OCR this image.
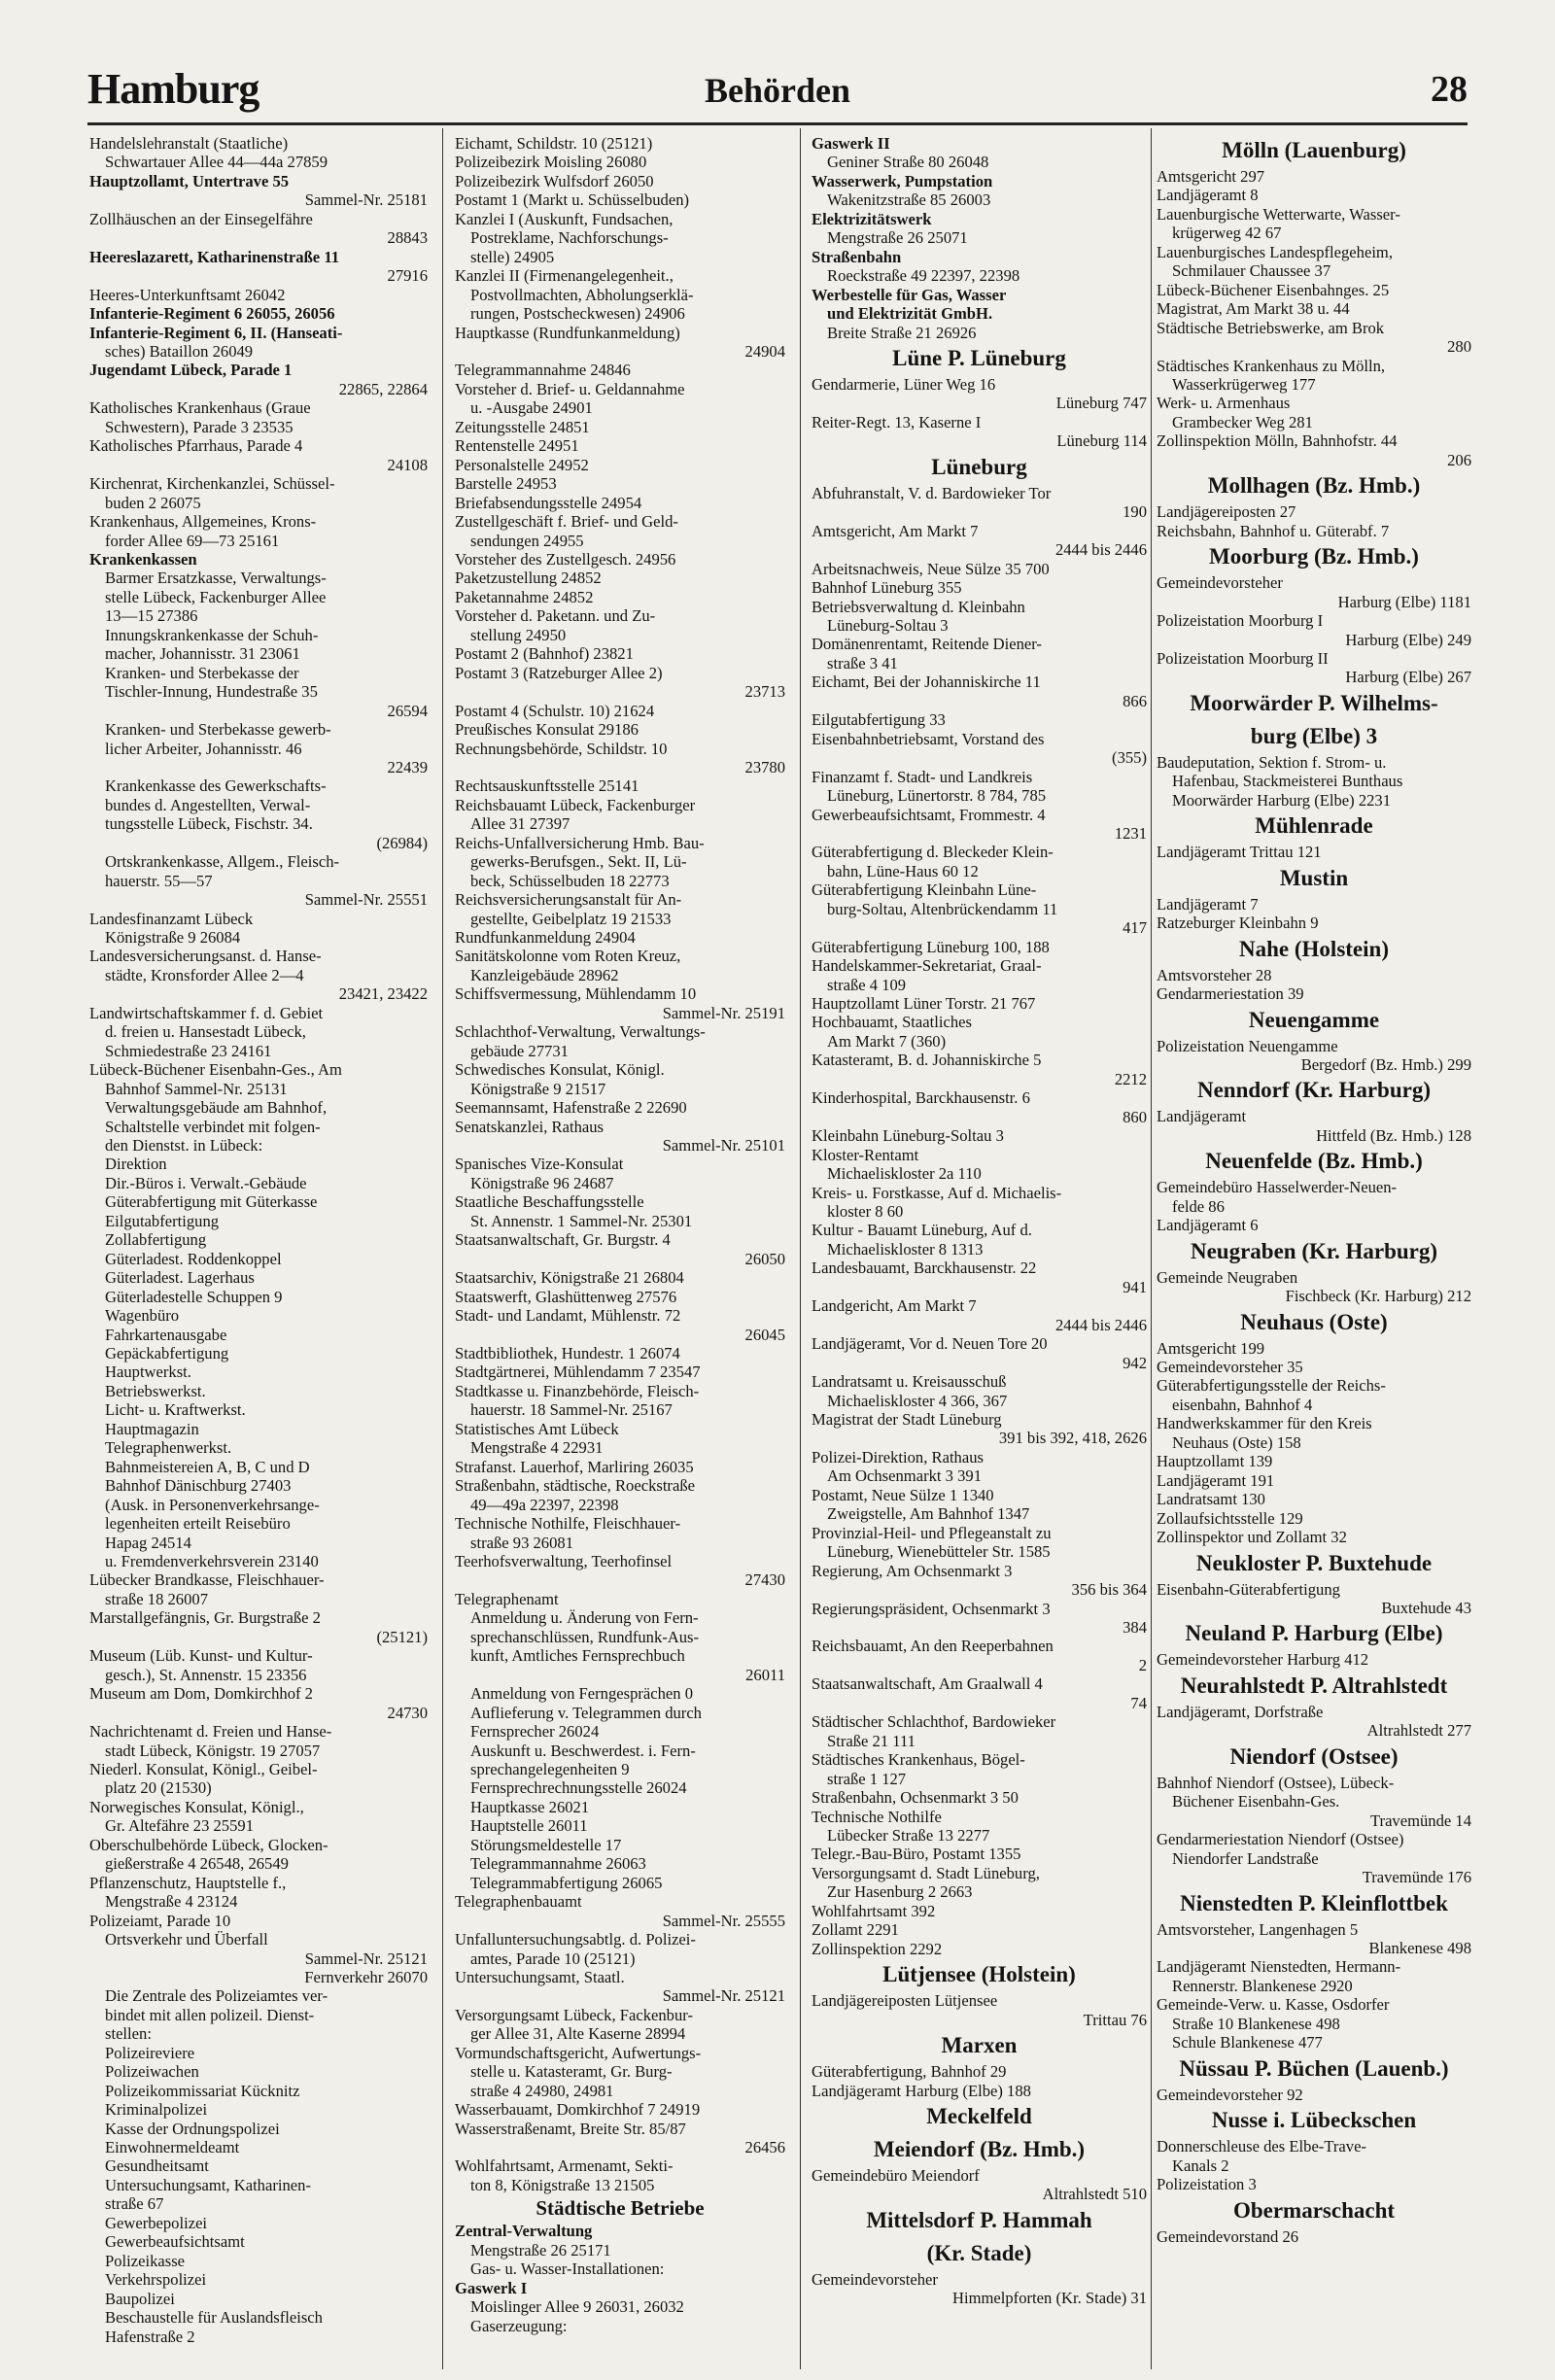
Hamburg	Behörden	28
Handelslehranstalt (Staatliche)
Schwartauer Allee 44—44a 27859
Hauptzollamt, Untertrave 55
Sammel-Nr. 25181
Zollhäuschen an der Einsegelfähre
28843
Heereslazarett, Katharinenstraße 11
27916
Heeres-Unterkunftsamt 26042
Infanterie-Regiment 6 26055, 26056
Infanterie-Regiment 6, II. (Hanseati-
sches) Bataillon 26049
Jugendamt Lübeck, Parade 1
22865, 22864
Katholisches Krankenhaus (Graue
Schwestern), Parade 3 23535
Katholisches Pfarrhaus, Parade 4
24108
Kirchenrat, Kirchenkanzlei, Schüssel-
buden 2 26075
Krankenhaus, Allgemeines, Krons-
forder Allee 69—73 25161
Krankenkassen
Barmer Ersatzkasse, Verwaltungs-
stelle Lübeck, Fackenburger Allee
13—15 27386
Innungskrankenkasse der Schuh-
macher, Johannisstr. 31 23061
Kranken- und Sterbekasse der
Tischler-Innung, Hundestraße 35
26594
Kranken- und Sterbekasse gewerb-
licher Arbeiter, Johannisstr. 46
22439
Krankenkasse des Gewerkschafts-
bundes d. Angestellten, Verwal-
tungsstelle Lübeck, Fischstr. 34.
(26984)
Ortskrankenkasse, Allgem., Fleisch-
hauerstr. 55—57
Sammel-Nr. 25551
Landesfinanzamt Lübeck
Königstraße 9 26084
Landesversicherungsanst. d. Hanse-
städte, Kronsforder Allee 2—4
23421, 23422
Landwirtschaftskammer f. d. Gebiet
d. freien u. Hansestadt Lübeck,
Schmiedestraße 23 24161
Lübeck-Büchener Eisenbahn-Ges., Am
Bahnhof Sammel-Nr. 25131
Verwaltungsgebäude am Bahnhof,
Schaltstelle verbindet mit folgen-
den Dienstst. in Lübeck:
Direktion
Dir.-Büros i. Verwalt.-Gebäude
Güterabfertigung mit Güterkasse
Eilgutabfertigung
Zollabfertigung
Güterladest. Roddenkoppel
Güterladest. Lagerhaus
Güterladestelle Schuppen 9
Wagenbüro
Fahrkartenausgabe
Gepäckabfertigung
Hauptwerkst.
Betriebswerkst.
Licht- u. Kraftwerkst.
Hauptmagazin
Telegraphenwerkst.
Bahnmeistereien A, B, C und D
Bahnhof Dänischburg 27403
(Ausk. in Personenverkehrsange-
legenheiten erteilt Reisebüro
Hapag 24514
u. Fremdenverkehrsverein 23140
Lübecker Brandkasse, Fleischhauer-
straße 18 26007
Marstallgefängnis, Gr. Burgstraße 2
(25121)
Museum (Lüb. Kunst- und Kultur-
gesch.), St. Annenstr. 15 23356
Museum am Dom, Domkirchhof 2
24730
Nachrichtenamt d. Freien und Hanse-
stadt Lübeck, Königstr. 19 27057
Niederl. Konsulat, Königl., Geibel-
platz 20 (21530)
Norwegisches Konsulat, Königl.,
Gr. Altefähre 23 25591
Oberschulbehörde Lübeck, Glocken-
gießerstraße 4 26548, 26549
Pflanzenschutz, Hauptstelle f.,
Mengstraße 4 23124
Polizeiamt, Parade 10
Ortsverkehr und Überfall
Sammel-Nr. 25121
Fernverkehr 26070
Die Zentrale des Polizeiamtes ver-
bindet mit allen polizeil. Dienst-
stellen:
Polizeireviere
Polizeiwachen
Polizeikommissariat Kücknitz
Kriminalpolizei
Kasse der Ordnungspolizei
Einwohnermeldeamt
Gesundheitsamt
Untersuchungsamt, Katharinen-
straße 67
Gewerbepolizei
Gewerbeaufsichtsamt
Polizeikasse
Verkehrspolizei
Baupolizei
Beschaustelle für Auslandsfleisch
Hafenstraße 2
Eichamt, Schildstr. 10 (25121)
Polizeibezirk Moisling 26080
Polizeibezirk Wulfsdorf 26050
Postamt 1 (Markt u. Schüsselbuden)
Kanzlei I (Auskunft, Fundsachen,
Postreklame, Nachforschungs-
stelle) 24905
Kanzlei II (Firmenangelegenheit.,
Postvollmachten, Abholungserklä-
rungen, Postscheckwesen) 24906
Hauptkasse (Rundfunkanmeldung)
24904
Telegrammannahme 24846
Vorsteher d. Brief- u. Geldannahme
u. -Ausgabe 24901
Zeitungsstelle 24851
Rentenstelle 24951
Personalstelle 24952
Barstelle 24953
Briefabsendungsstelle 24954
Zustellgeschäft f. Brief- und Geld-
sendungen 24955
Vorsteher des Zustellgesch. 24956
Paketzustellung 24852
Paketannahme 24852
Vorsteher d. Paketann. und Zu-
stellung 24950
Postamt 2 (Bahnhof) 23821
Postamt 3 (Ratzeburger Allee 2)
23713
Postamt 4 (Schulstr. 10) 21624
Preußisches Konsulat 29186
Rechnungsbehörde, Schildstr. 10
23780
Rechtsauskunftsstelle 25141
Reichsbauamt Lübeck, Fackenburger
Allee 31 27397
Reichs-Unfallversicherung Hmb. Bau-
gewerks-Berufsgen., Sekt. II, Lü-
beck, Schüsselbuden 18 22773
Reichsversicherungsanstalt für An-
gestellte, Geibelplatz 19 21533
Rundfunkanmeldung 24904
Sanitätskolonne vom Roten Kreuz,
Kanzleigebäude 28962
Schiffsvermessung, Mühlendamm 10
Sammel-Nr. 25191
Schlachthof-Verwaltung, Verwaltungs-
gebäude 27731
Schwedisches Konsulat, Königl.
Königstraße 9 21517
Seemannsamt, Hafenstraße 2 22690
Senatskanzlei, Rathaus
Sammel-Nr. 25101
Spanisches Vize-Konsulat
Königstraße 96 24687
Staatliche Beschaffungsstelle
St. Annenstr. 1 Sammel-Nr. 25301
Staatsanwaltschaft, Gr. Burgstr. 4
26050
Staatsarchiv, Königstraße 21 26804
Staatswerft, Glashüttenweg 27576
Stadt- und Landamt, Mühlenstr. 72
26045
Stadtbibliothek, Hundestr. 1 26074
Stadtgärtnerei, Mühlendamm 7 23547
Stadtkasse u. Finanzbehörde, Fleisch-
hauerstr. 18 Sammel-Nr. 25167
Statistisches Amt Lübeck
Mengstraße 4 22931
Strafanst. Lauerhof, Marliring 26035
Straßenbahn, städtische, Roeckstraße
49—49a 22397, 22398
Technische Nothilfe, Fleischhauer-
straße 93 26081
Teerhofsverwaltung, Teerhofinsel
27430
Telegraphenamt
Anmeldung u. Änderung von Fern-
sprechanschlüssen, Rundfunk-Aus-
kunft, Amtliches Fernsprechbuch
26011
Anmeldung von Ferngesprächen 0
Auflieferung v. Telegrammen durch
Fernsprecher 26024
Auskunft u. Beschwerdest. i. Fern-
sprechangelegenheiten 9
Fernsprechrechnungsstelle 26024
Hauptkasse 26021
Hauptstelle 26011
Störungsmeldestelle 17
Telegrammannahme 26063
Telegrammabfertigung 26065
Telegraphenbauamt
Sammel-Nr. 25555
Unfalluntersuchungsabtlg. d. Polizei-
amtes, Parade 10 (25121)
Untersuchungsamt, Staatl.
Sammel-Nr. 25121
Versorgungsamt Lübeck, Fackenbur-
ger Allee 31, Alte Kaserne 28994
Vormundschaftsgericht, Aufwertungs-
stelle u. Katasteramt, Gr. Burg-
straße 4 24980, 24981
Wasserbauamt, Domkirchhof 7 24919
Wasserstraßenamt, Breite Str. 85/87
26456
Wohlfahrtsamt, Armenamt, Sekti-
ton 8, Königstraße 13 21505
Städtische Betriebe
Zentral-Verwaltung
Mengstraße 26 25171
Gas- u. Wasser-Installationen:
Gaswerk I
Moislinger Allee 9 26031, 26032
Gaserzeugung:
Gaswerk II
Geniner Straße 80 26048
Wasserwerk, Pumpstation
Wakenitzstraße 85 26003
Elektrizitätswerk
Mengstraße 26 25071
Straßenbahn
Roeckstraße 49 22397, 22398
Werbestelle für Gas, Wasser
und Elektrizität GmbH.
Breite Straße 21 26926
Lüne P. Lüneburg
Gendarmerie, Lüner Weg 16
Lüneburg 747
Reiter-Regt. 13, Kaserne I
Lüneburg 114
Lüneburg
Abfuhranstalt, V. d. Bardowieker Tor
190
Amtsgericht, Am Markt 7
2444 bis 2446
Arbeitsnachweis, Neue Sülze 35 700
Bahnhof Lüneburg 355
Betriebsverwaltung d. Kleinbahn
Lüneburg-Soltau 3
Domänenrentamt, Reitende Diener-
straße 3 41
Eichamt, Bei der Johanniskirche 11
866
Eilgutabfertigung 33
Eisenbahnbetriebsamt, Vorstand des
(355)
Finanzamt f. Stadt- und Landkreis
Lüneburg, Lünertorstr. 8 784, 785
Gewerbeaufsichtsamt, Frommestr. 4
1231
Güterabfertigung d. Bleckeder Klein-
bahn, Lüne-Haus 60 12
Güterabfertigung Kleinbahn Lüne-
burg-Soltau, Altenbrückendamm 11
417
Güterabfertigung Lüneburg 100, 188
Handelskammer-Sekretariat, Graal-
straße 4 109
Hauptzollamt Lüner Torstr. 21 767
Hochbauamt, Staatliches
Am Markt 7 (360)
Katasteramt, B. d. Johanniskirche 5
2212
Kinderhospital, Barckhausenstr. 6
860
Kleinbahn Lüneburg-Soltau 3
Kloster-Rentamt
Michaeliskloster 2a 110
Kreis- u. Forstkasse, Auf d. Michaelis-
kloster 8 60
Kultur - Bauamt Lüneburg, Auf d.
Michaeliskloster 8 1313
Landesbauamt, Barckhausenstr. 22
941
Landgericht, Am Markt 7
2444 bis 2446
Landjägeramt, Vor d. Neuen Tore 20
942
Landratsamt u. Kreisausschuß
Michaeliskloster 4 366, 367
Magistrat der Stadt Lüneburg
391 bis 392, 418, 2626
Polizei-Direktion, Rathaus
Am Ochsenmarkt 3 391
Postamt, Neue Sülze 1 1340
Zweigstelle, Am Bahnhof 1347
Provinzial-Heil- und Pflegeanstalt zu
Lüneburg, Wienebütteler Str. 1585
Regierung, Am Ochsenmarkt 3
356 bis 364
Regierungspräsident, Ochsenmarkt 3
384
Reichsbauamt, An den Reeperbahnen
2
Staatsanwaltschaft, Am Graalwall 4
74
Städtischer Schlachthof, Bardowieker
Straße 21 111
Städtisches Krankenhaus, Bögel-
straße 1 127
Straßenbahn, Ochsenmarkt 3 50
Technische Nothilfe
Lübecker Straße 13 2277
Telegr.-Bau-Büro, Postamt 1355
Versorgungsamt d. Stadt Lüneburg,
Zur Hasenburg 2 2663
Wohlfahrtsamt 392
Zollamt 2291
Zollinspektion 2292
Lütjensee (Holstein)
Landjägereiposten Lütjensee
Trittau 76
Marxen
Güterabfertigung, Bahnhof 29
Landjägeramt Harburg (Elbe) 188
Meckelfeld
Meiendorf (Bz. Hmb.)
Gemeindebüro Meiendorf
Altrahlstedt 510
Mittelsdorf P. Hammah
(Kr. Stade)
Gemeindevorsteher
Himmelpforten (Kr. Stade) 31
Mölln (Lauenburg)
Amtsgericht 297
Landjägeramt 8
Lauenburgische Wetterwarte, Wasser-
krügerweg 42 67
Lauenburgisches Landespflegeheim,
Schmilauer Chaussee 37
Lübeck-Büchener Eisenbahnges. 25
Magistrat, Am Markt 38 u. 44
Städtische Betriebswerke, am Brok
280
Städtisches Krankenhaus zu Mölln,
Wasserkrügerweg 177
Werk- u. Armenhaus
Grambecker Weg 281
Zollinspektion Mölln, Bahnhofstr. 44
206
Mollhagen (Bz. Hmb.)
Landjägereiposten 27
Reichsbahn, Bahnhof u. Güterabf. 7
Moorburg (Bz. Hmb.)
Gemeindevorsteher
Harburg (Elbe) 1181
Polizeistation Moorburg I
Harburg (Elbe) 249
Polizeistation Moorburg II
Harburg (Elbe) 267
Moorwärder P. Wilhelms-
burg (Elbe) 3
Baudeputation, Sektion f. Strom- u.
Hafenbau, Stackmeisterei Bunthaus
Moorwärder Harburg (Elbe) 2231
Mühlenrade
Landjägeramt Trittau 121
Mustin
Landjägeramt 7
Ratzeburger Kleinbahn 9
Nahe (Holstein)
Amtsvorsteher 28
Gendarmeriestation 39
Neuengamme
Polizeistation Neuengamme
Bergedorf (Bz. Hmb.) 299
Nenndorf (Kr. Harburg)
Landjägeramt
Hittfeld (Bz. Hmb.) 128
Neuenfelde (Bz. Hmb.)
Gemeindebüro Hasselwerder-Neuen-
felde 86
Landjägeramt 6
Neugraben (Kr. Harburg)
Gemeinde Neugraben
Fischbeck (Kr. Harburg) 212
Neuhaus (Oste)
Amtsgericht 199
Gemeindevorsteher 35
Güterabfertigungsstelle der Reichs-
eisenbahn, Bahnhof 4
Handwerkskammer für den Kreis
Neuhaus (Oste) 158
Hauptzollamt 139
Landjägeramt 191
Landratsamt 130
Zollaufsichtsstelle 129
Zollinspektor und Zollamt 32
Neukloster P. Buxtehude
Eisenbahn-Güterabfertigung
Buxtehude 43
Neuland P. Harburg (Elbe)
Gemeindevorsteher Harburg 412
Neurahlstedt P. Altrahlstedt
Landjägeramt, Dorfstraße
Altrahlstedt 277
Niendorf (Ostsee)
Bahnhof Niendorf (Ostsee), Lübeck-
Büchener Eisenbahn-Ges.
Travemünde 14
Gendarmeriestation Niendorf (Ostsee)
Niendorfer Landstraße
Travemünde 176
Nienstedten P. Kleinflottbek
Amtsvorsteher, Langenhagen 5
Blankenese 498
Landjägeramt Nienstedten, Hermann-
Rennerstr. Blankenese 2920
Gemeinde-Verw. u. Kasse, Osdorfer
Straße 10 Blankenese 498
Schule Blankenese 477
Nüssau P. Büchen (Lauenb.)
Gemeindevorsteher 92
Nusse i. Lübeckschen
Donnerschleuse des Elbe-Trave-
Kanals 2
Polizeistation 3
Obermarschacht
Gemeindevorstand 26
